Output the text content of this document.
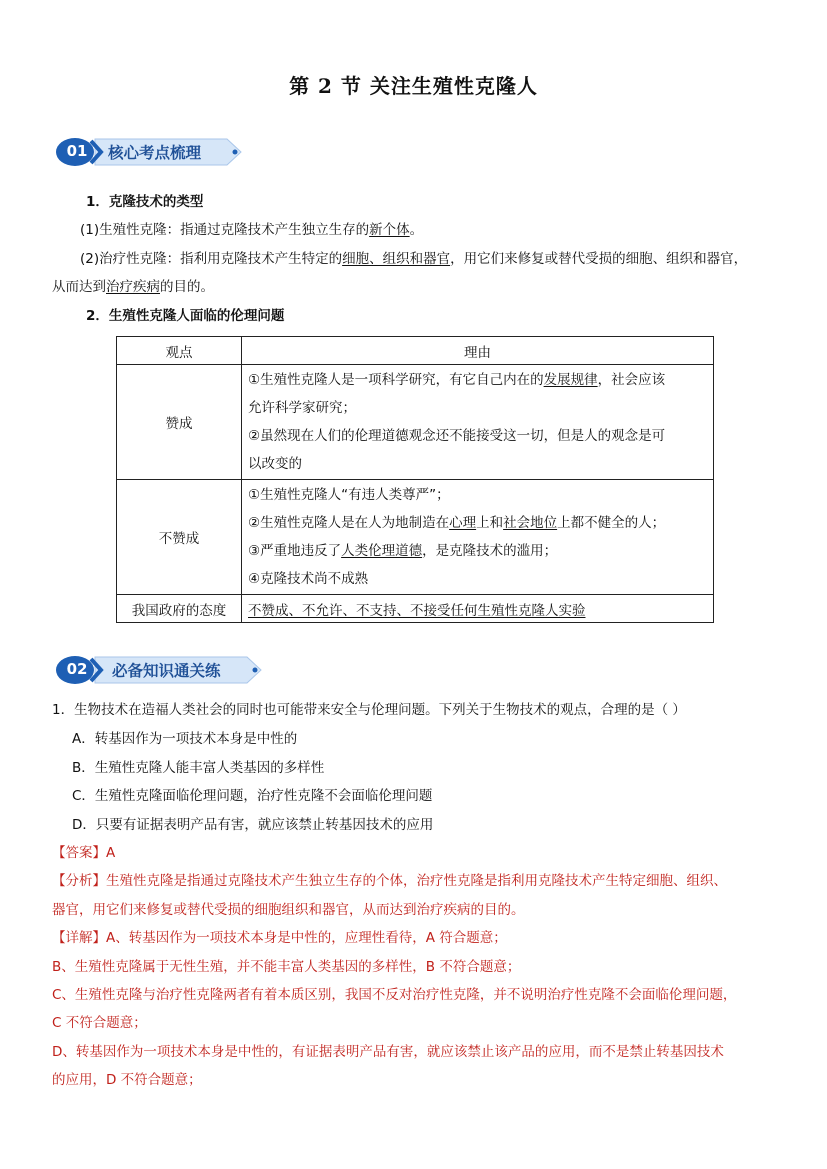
第 2 节 关注生殖性克隆人
01	核心考点梳理
1．克隆技术的类型
(1)生殖性克隆：指通过克隆技术产生独立生存的新个体。
(2)治疗性克隆：指利用克隆技术产生特定的细胞、组织和器官，用它们来修复或替代受损的细胞、组织和器官，
从而达到治疗疾病的目的。
2．生殖性克隆人面临的伦理问题
观点	理由
赞成	①生殖性克隆人是一项科学研究，有它自己内在的发展规律，社会应该
允许科学家研究；
②虽然现在人们的伦理道德观念还不能接受这一切，但是人的观念是可
以改变的

不赞成	①生殖性克隆人“有违人类尊严”；
②生殖性克隆人是在人为地制造在心理上和社会地位上都不健全的人；
③严重地违反了人类伦理道德，是克隆技术的滥用；
④克隆技术尚不成熟

我国政府的态度	不赞成、不允许、不支持、不接受任何生殖性克隆人实验
02	必备知识通关练
1．生物技术在造福人类社会的同时也可能带来安全与伦理问题。下列关于生物技术的观点，合理的是（ ）
A．转基因作为一项技术本身是中性的
B．生殖性克隆人能丰富人类基因的多样性
C．生殖性克隆面临伦理问题，治疗性克隆不会面临伦理问题
D．只要有证据表明产品有害，就应该禁止转基因技术的应用
【答案】A
【分析】生殖性克隆是指通过克隆技术产生独立生存的个体，治疗性克隆是指利用克隆技术产生特定细胞、组织、
器官，用它们来修复或替代受损的细胞组织和器官，从而达到治疗疾病的目的。
【详解】A、转基因作为一项技术本身是中性的，应理性看待，A 符合题意；
B、生殖性克隆属于无性生殖，并不能丰富人类基因的多样性，B 不符合题意；
C、生殖性克隆与治疗性克隆两者有着本质区别，我国不反对治疗性克隆，并不说明治疗性克隆不会面临伦理问题，
C 不符合题意；
D、转基因作为一项技术本身是中性的，有证据表明产品有害，就应该禁止该产品的应用，而不是禁止转基因技术
的应用，D 不符合题意；
